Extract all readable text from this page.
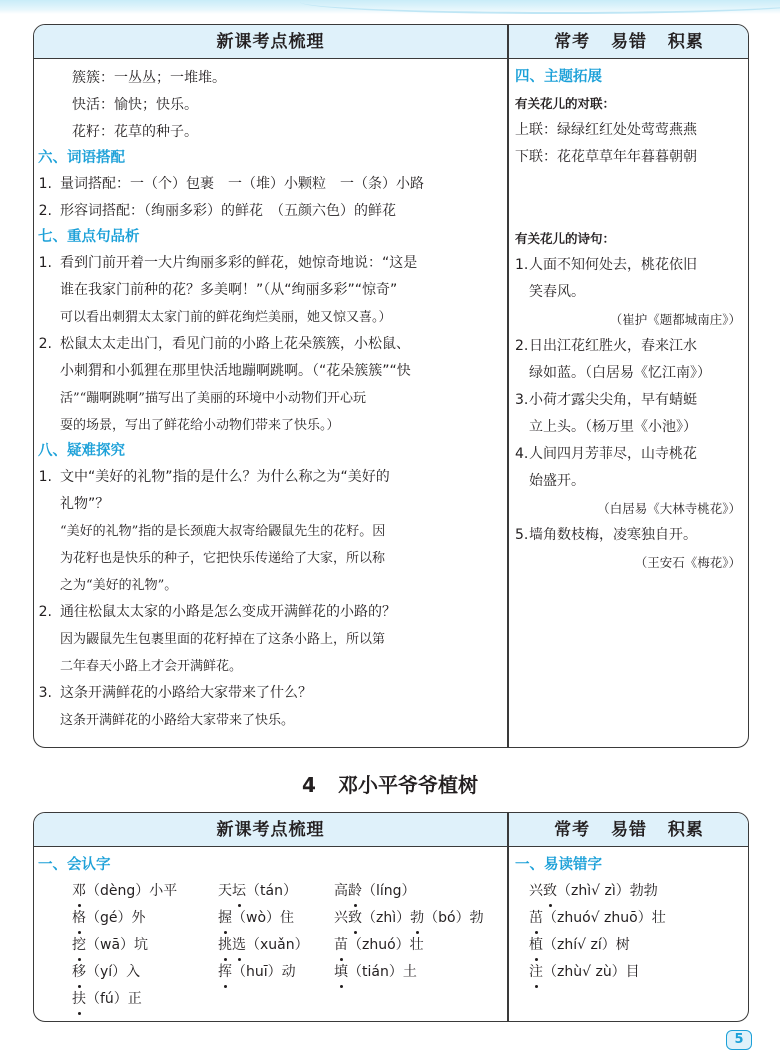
新课考点梳理	常考 易错 积累
簇簇：一丛丛；一堆堆。
快活：愉快；快乐。
花籽：花草的种子。
六、词语搭配
1. 量词搭配：一（个）包裹　一（堆）小颗粒　一（条）小路
2. 形容词搭配：（绚丽多彩）的鲜花　（五颜六色）的鲜花
七、重点句品析
1. 看到门前开着一大片绚丽多彩的鲜花，她惊奇地说：“这是
谁在我家门前种的花？多美啊！”（从“绚丽多彩”“惊奇”
可以看出刺猬太太家门前的鲜花绚烂美丽，她又惊又喜。）
2. 松鼠太太走出门，看见门前的小路上花朵簇簇，小松鼠、
小刺猬和小狐狸在那里快活地蹦啊跳啊。（“花朵簇簇”“快
活”“蹦啊跳啊”描写出了美丽的环境中小动物们开心玩
耍的场景，写出了鲜花给小动物们带来了快乐。）
八、疑难探究
1. 文中“美好的礼物”指的是什么？为什么称之为“美好的
礼物”？
“美好的礼物”指的是长颈鹿大叔寄给鼹鼠先生的花籽。因
为花籽也是快乐的种子，它把快乐传递给了大家，所以称
之为“美好的礼物”。
2. 通往松鼠太太家的小路是怎么变成开满鲜花的小路的？
因为鼹鼠先生包裹里面的花籽掉在了这条小路上，所以第
二年春天小路上才会开满鲜花。
3. 这条开满鲜花的小路给大家带来了什么？
这条开满鲜花的小路给大家带来了快乐。
四、主题拓展
有关花儿的对联：
上联：绿绿红红处处莺莺燕燕
下联：花花草草年年暮暮朝朝
有关花儿的诗句：
1. 人面不知何处去，桃花依旧
笑春风。
（崔护《题都城南庄》）
2. 日出江花红胜火，春来江水
绿如蓝。（白居易《忆江南》）
3. 小荷才露尖尖角，早有蜻蜓
立上头。（杨万里《小池》）
4. 人间四月芳菲尽，山寺桃花
始盛开。
（白居易《大林寺桃花》）
5. 墙角数枝梅，凌寒独自开。
（王安石《梅花》）
4 邓小平爷爷植树
新课考点梳理	常考 易错 积累
一、会认字
邓（dèng）小平
格（gé）外
挖（wā）坑
移（yí）入
扶（fú）正
天坛（tán）
握（wò）住
挑选（xuǎn）
挥（huī）动
高龄（líng）
兴致（zhì）勃（bó）勃
苗（zhuó）壮
填（tián）土
一、易读错字
兴致（zhì√ zì）勃勃
茁（zhuó√ zhuō）壮
植（zhí√ zí）树
注（zhù√ zù）目
5
